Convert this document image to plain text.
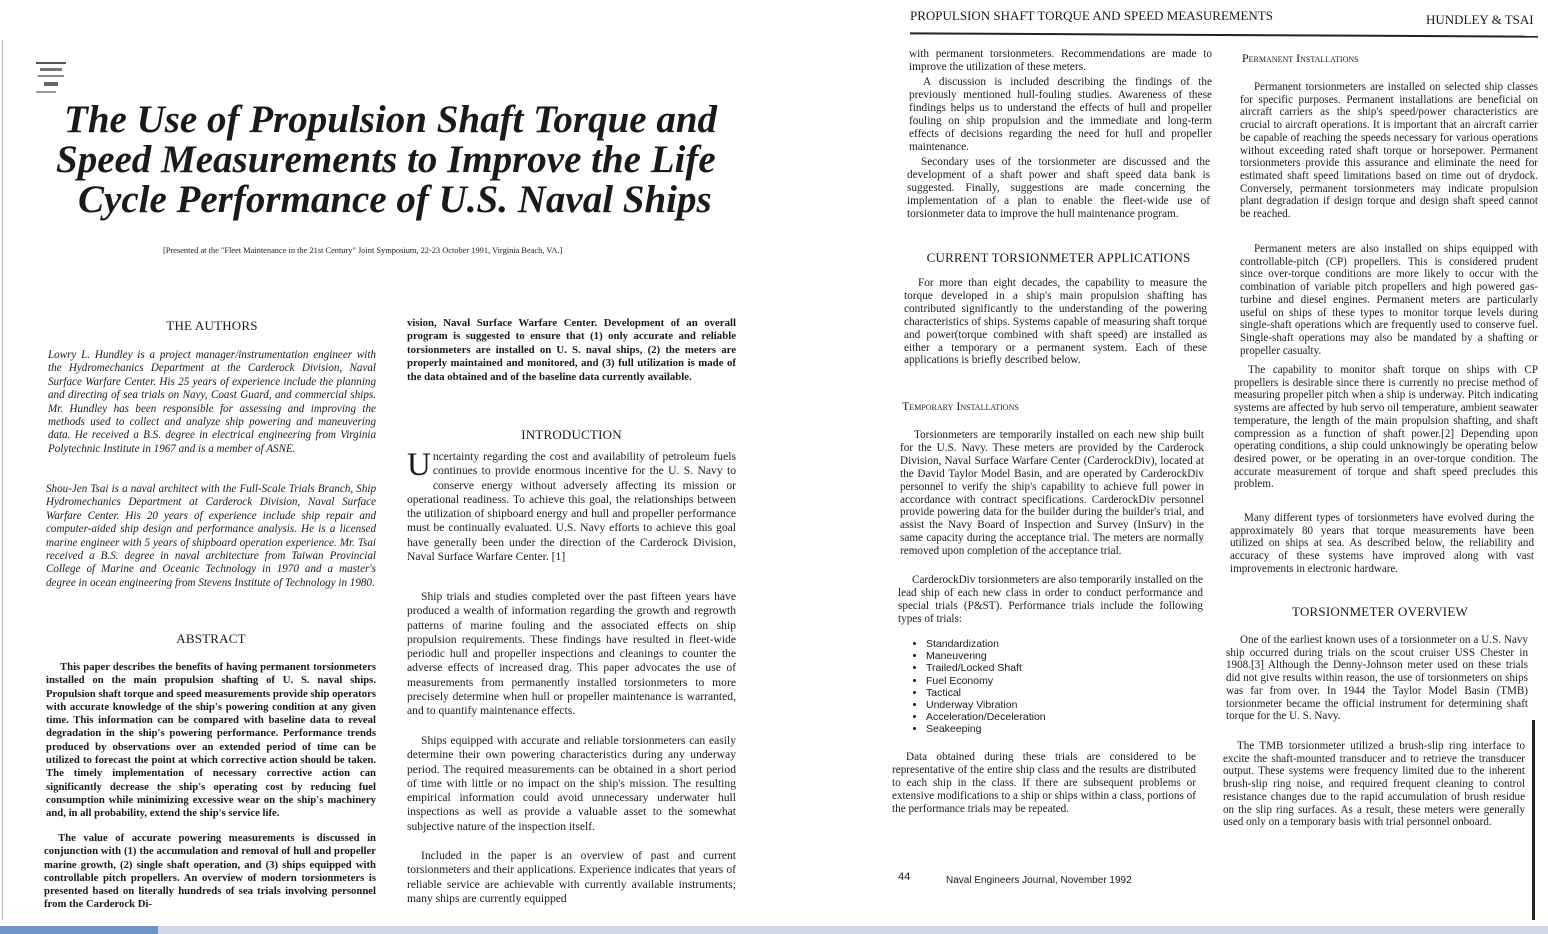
The Use of Propulsion Shaft Torque and
Speed Measurements to Improve the Life
Cycle Performance of U.S. Naval Ships
[Presented at the "Fleet Maintenance in the 21st Century" Joint Symposium, 22-23 October 1991, Virginia Beach, VA.]
THE AUTHORS

Lowry L. Hundley is a project manager/instrumentation engineer with the Hydromechanics Department at the Carderock Division, Naval Surface Warfare Center. His 25 years of experience include the planning and directing of sea trials on Navy, Coast Guard, and commercial ships. Mr. Hundley has been responsible for assessing and improving the methods used to collect and analyze ship powering and maneuvering data. He received a B.S. degree in electrical engineering from Virginia Polytechnic Institute in 1967 and is a member of ASNE.

Shou-Jen Tsai is a naval architect with the Full-Scale Trials Branch, Ship Hydromechanics Department at Carderock Division, Naval Surface Warfare Center. His 20 years of experience include ship repair and computer-aided ship design and performance analysis. He is a licensed marine engineer with 5 years of shipboard operation experience. Mr. Tsai received a B.S. degree in naval architecture from Taiwan Provincial College of Marine and Oceanic Technology in 1970 and a master's degree in ocean engineering from Stevens Institute of Technology in 1980.

ABSTRACT

This paper describes the benefits of having permanent torsionmeters installed on the main propulsion shafting of U. S. naval ships. Propulsion shaft torque and speed measurements provide ship operators with accurate knowledge of the ship's powering condition at any given time. This information can be compared with baseline data to reveal degradation in the ship's powering performance. Performance trends produced by observations over an extended period of time can be utilized to forecast the point at which corrective action should be taken. The timely implementation of necessary corrective action can significantly decrease the ship's operating cost by reducing fuel consumption while minimizing excessive wear on the ship's machinery and, in all probability, extend the ship's service life.

The value of accurate powering measurements is discussed in conjunction with (1) the accumulation and removal of hull and propeller marine growth, (2) single shaft operation, and (3) ships equipped with controllable pitch propellers. An overview of modern torsionmeters is presented based on literally hundreds of sea trials involving personnel from the Carderock Di-

vision, Naval Surface Warfare Center. Development of an overall program is suggested to ensure that (1) only accurate and reliable torsionmeters are installed on U. S. naval ships, (2) the meters are properly maintained and monitored, and (3) full utilization is made of the data obtained and of the baseline data currently available.

INTRODUCTION
U ncertainty regarding the cost and availability of petroleum fuels continues to provide enormous incentive for the U. S. Navy to conserve energy without adversely affecting its mission or operational readiness. To achieve this goal, the relationships between the utilization of shipboard energy and hull and propeller performance must be continually evaluated. U.S. Navy efforts to achieve this goal have generally been under the direction of the Carderock Division, Naval Surface Warfare Center. [1]

Ship trials and studies completed over the past fifteen years have produced a wealth of information regarding the growth and regrowth patterns of marine fouling and the associated effects on ship propulsion requirements. These findings have resulted in fleet-wide periodic hull and propeller inspections and cleanings to counter the adverse effects of increased drag. This paper advocates the use of measurements from permanently installed torsionmeters to more precisely determine when hull or propeller maintenance is warranted, and to quantify maintenance effects.

Ships equipped with accurate and reliable torsionmeters can easily determine their own powering characteristics during any underway period. The required measurements can be obtained in a short period of time with little or no impact on the ship's mission. The resulting empirical information could avoid unnecessary underwater hull inspections as well as provide a valuable asset to the somewhat subjective nature of the inspection itself.

Included in the paper is an overview of past and current torsionmeters and their applications. Experience indicates that years of reliable service are achievable with currently available instruments; many ships are currently equipped

PROPULSION SHAFT TORQUE AND SPEED MEASUREMENTS	HUNDLEY & TSAI

with permanent torsionmeters. Recommendations are made to improve the utilization of these meters.

A discussion is included describing the findings of the previously mentioned hull-fouling studies. Awareness of these findings helps us to understand the effects of hull and propeller fouling on ship propulsion and the immediate and long-term effects of decisions regarding the need for hull and propeller maintenance.

Secondary uses of the torsionmeter are discussed and the development of a shaft power and shaft speed data bank is suggested. Finally, suggestions are made concerning the implementation of a plan to enable the fleet-wide use of torsionmeter data to improve the hull maintenance program.

CURRENT TORSIONMETER APPLICATIONS

For more than eight decades, the capability to measure the torque developed in a ship's main propulsion shafting has contributed significantly to the understanding of the powering characteristics of ships. Systems capable of measuring shaft torque and power(torque combined with shaft speed) are installed as either a temporary or a permanent system. Each of these applications is briefly described below.

Temporary Installations

Torsionmeters are temporarily installed on each new ship built for the U.S. Navy. These meters are provided by the Carderock Division, Naval Surface Warfare Center (CarderockDiv), located at the David Taylor Model Basin, and are operated by CarderockDiv personnel to verify the ship's capability to achieve full power in accordance with contract specifications. CarderockDiv personnel provide powering data for the builder during the builder's trial, and assist the Navy Board of Inspection and Survey (InSurv) in the same capacity during the acceptance trial. The meters are normally removed upon completion of the acceptance trial.

CarderockDiv torsionmeters are also temporarily installed on the lead ship of each new class in order to conduct performance and special trials (P&ST). Performance trials include the following types of trials:

• Standardization
• Maneuvering
• Trailed/Locked Shaft
• Fuel Economy
• Tactical
• Underway Vibration
• Acceleration/Deceleration
• Seakeeping

Data obtained during these trials are considered to be representative of the entire ship class and the results are distributed to each ship in the class. If there are subsequent problems or extensive modifications to a ship or ships within a class, portions of the performance trials may be repeated.

44	Naval Engineers Journal, November 1992
Permanent Installations

Permanent torsionmeters are installed on selected ship classes for specific purposes. Permanent installations are beneficial on aircraft carriers as the ship's speed/power characteristics are crucial to aircraft operations. It is important that an aircraft carrier be capable of reaching the speeds necessary for various operations without exceeding rated shaft torque or horsepower. Permanent torsionmeters provide this assurance and eliminate the need for estimated shaft speed limitations based on time out of drydock. Conversely, permanent torsionmeters may indicate propulsion plant degradation if design torque and design shaft speed cannot be reached.

Permanent meters are also installed on ships equipped with controllable-pitch (CP) propellers. This is considered prudent since over-torque conditions are more likely to occur with the combination of variable pitch propellers and high powered gas-turbine and diesel engines. Permanent meters are particularly useful on ships of these types to monitor torque levels during single-shaft operations which are frequently used to conserve fuel. Single-shaft operations may also be mandated by a shafting or propeller casualty.

The capability to monitor shaft torque on ships with CP propellers is desirable since there is currently no precise method of measuring propeller pitch when a ship is underway. Pitch indicating systems are affected by hub servo oil temperature, ambient seawater temperature, the length of the main propulsion shafting, and shaft compression as a function of shaft power.[2] Depending upon operating conditions, a ship could unknowingly be operating below desired power, or be operating in an over-torque condition. The accurate measurement of torque and shaft speed precludes this problem.

Many different types of torsionmeters have evolved during the approximately 80 years that torque measurements have been utilized on ships at sea. As described below, the reliability and accuracy of these systems have improved along with vast improvements in electronic hardware.

TORSIONMETER OVERVIEW

One of the earliest known uses of a torsionmeter on a U.S. Navy ship occurred during trials on the scout cruiser USS Chester in 1908.[3] Although the Denny-Johnson meter used on these trials did not give results within reason, the use of torsionmeters on ships was far from over. In 1944 the Taylor Model Basin (TMB) torsionmeter became the official instrument for determining shaft torque for the U. S. Navy.

The TMB torsionmeter utilized a brush-slip ring interface to excite the shaft-mounted transducer and to retrieve the transducer output. These systems were frequency limited due to the inherent brush-slip ring noise, and required frequent cleaning to control resistance changes due to the rapid accumulation of brush residue on the slip ring surfaces. As a result, these meters were generally used only on a temporary basis with trial personnel onboard.
